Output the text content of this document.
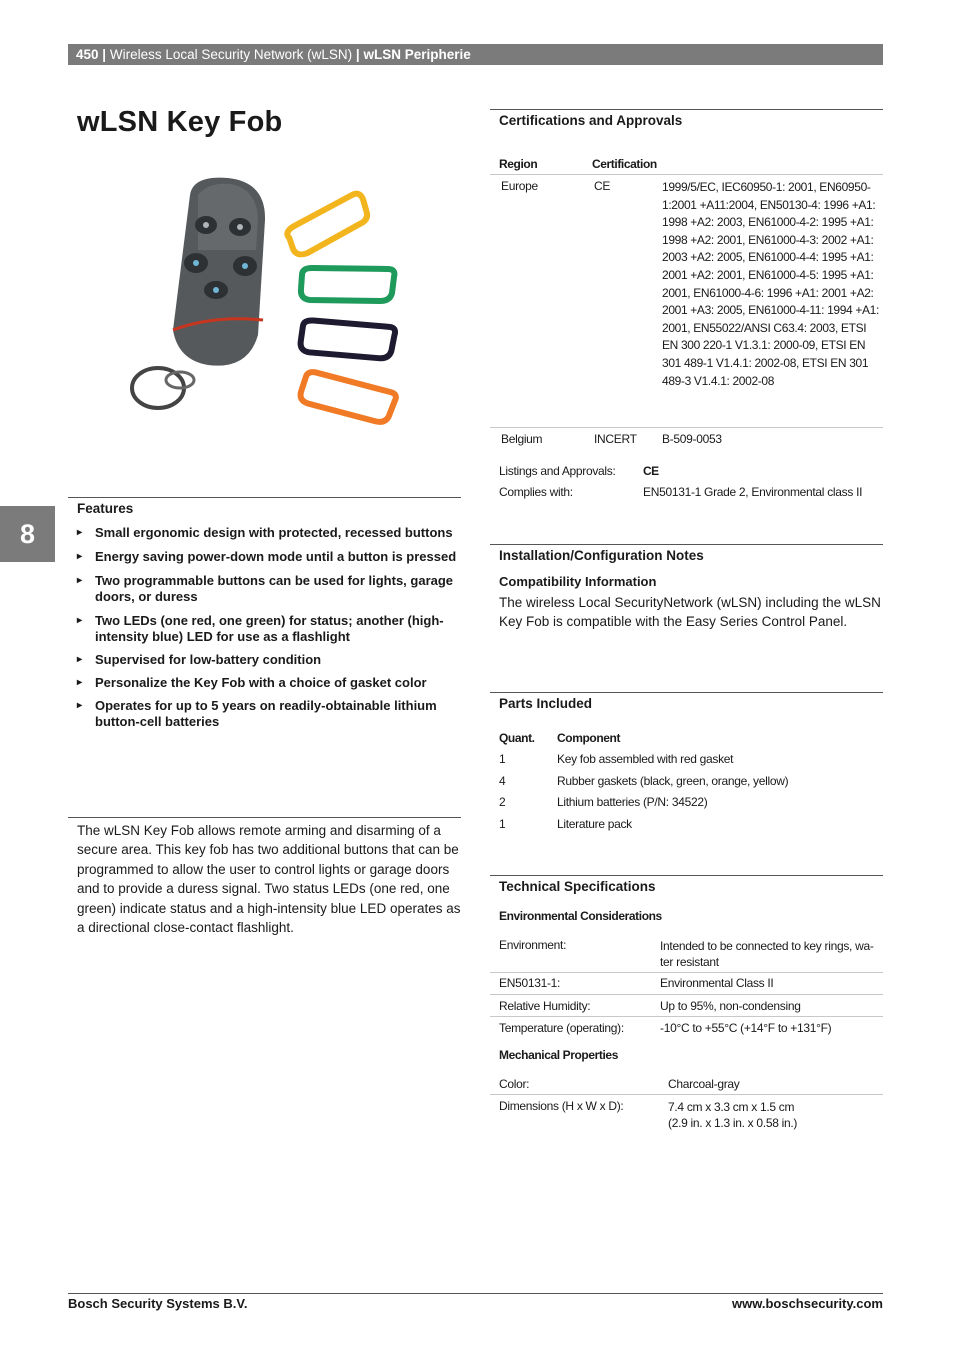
450 | Wireless Local Security Network (wLSN) | wLSN Peripherie
8
wLSN Key Fob
Features
▸ Small ergonomic design with protected, recessed buttons
▸ Energy saving power-down mode until a button is pressed
▸ Two programmable buttons can be used for lights, garage doors, or duress
▸ Two LEDs (one red, one green) for status; another (high-intensity blue) LED for use as a flashlight
▸ Supervised for low-battery condition
▸ Personalize the Key Fob with a choice of gasket color
▸ Operates for up to 5 years on readily-obtainable lithium button-cell batteries
The wLSN Key Fob allows remote arming and disarming of a secure area. This key fob has two additional buttons that can be programmed to allow the user to control lights or garage doors and to provide a duress signal. Two status LEDs (one red, one green) indicate status and a high-intensity blue LED operates as a directional close-contact flashlight.
Certifications and Approvals
Region	Certification
Europe	CE	1999/5/EC, IEC60950-1: 2001, EN60950-1:2001 +A11:2004, EN50130-4: 1996 +A1: 1998 +A2: 2003, EN61000-4-2: 1995 +A1: 1998 +A2: 2001, EN61000-4-3: 2002 +A1: 2003 +A2: 2005, EN61000-4-4: 1995 +A1: 2001 +A2: 2001, EN61000-4-5: 1995 +A1: 2001, EN61000-4-6: 1996 +A1: 2001 +A2: 2001 +A3: 2005, EN61000-4-11: 1994 +A1: 2001, EN55022/ANSI C63.4: 2003, ETSI EN 300 220-1 V1.3.1: 2000-09, ETSI EN 301 489-1 V1.4.1: 2002-08, ETSI EN 301 489-3 V1.4.1: 2002-08
Belgium	INCERT B-509-0053
Listings and Approvals: CE
Complies with:	EN50131-1 Grade 2, Environmental class II
Installation/Configuration Notes
Compatibility Information
The wireless Local SecurityNetwork (wLSN) including the wLSN Key Fob is compatible with the Easy Series Control Panel.
Parts Included
Quant. Component
1	Key fob assembled with red gasket
4	Rubber gaskets (black, green, orange, yellow)
2	Lithium batteries (P/N: 34522)
1	Literature pack
Technical Specifications
Environmental Considerations
Environment:	Intended to be connected to key rings, wa-
ter resistant
EN50131-1:	Environmental Class II
Relative Humidity:	Up to 95%, non-condensing
Temperature (operating):	-10°C to +55°C (+14°F to +131°F)
Mechanical Properties
Color:	Charcoal-gray
Dimensions (H x W x D):	7.4 cm x 3.3 cm x 1.5 cm
(2.9 in. x 1.3 in. x 0.58 in.)
Bosch Security Systems B.V.	www.boschsecurity.com
